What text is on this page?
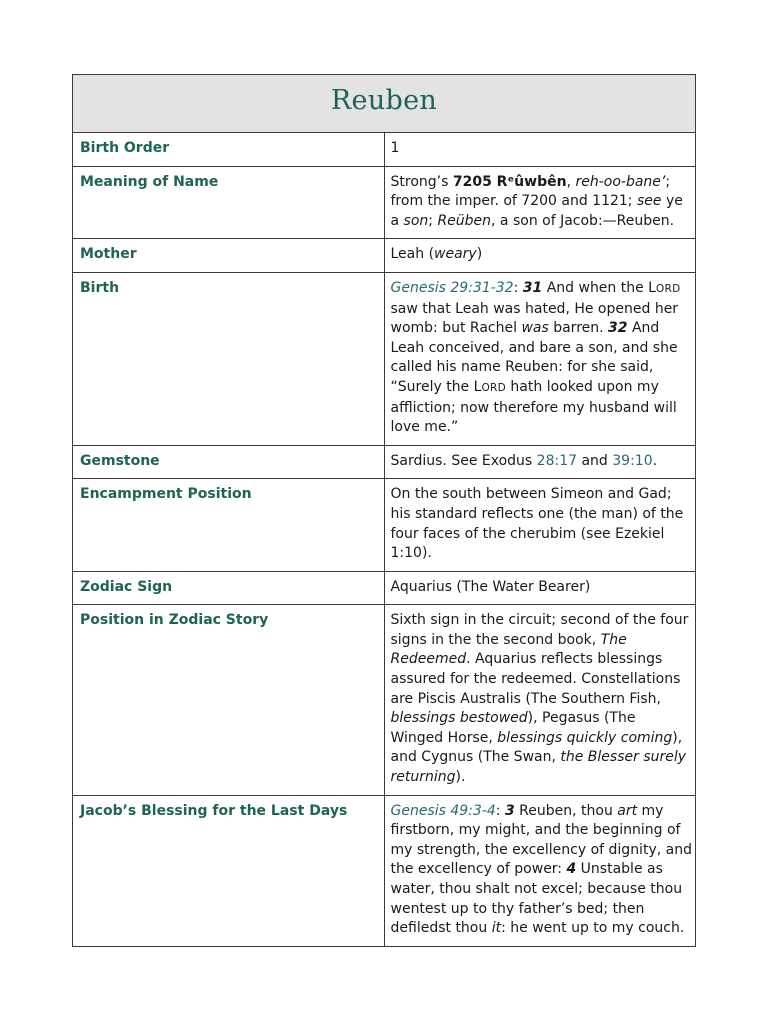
Reuben	
Birth Order	1
Meaning of Name	Strong’s 7205 Rᵉûwbên, reh-oo-bane’; from the imper. of 7200 and 1121; see ye a son; Reüben, a son of Jacob:—Reuben.
Mother	Leah (weary)
Birth	Genesis 29:31-32: 31 And when the LORD saw that Leah was hated, He opened her womb: but Rachel was barren. 32 And Leah conceived, and bare a son, and she called his name Reuben: for she said, “Surely the LORD hath looked upon my affliction; now therefore my husband will love me.”
Gemstone	Sardius. See Exodus 28:17 and 39:10.
Encampment Position	On the south between Simeon and Gad; his standard reflects one (the man) of the four faces of the cherubim (see Ezekiel 1:10).
Zodiac Sign	Aquarius (The Water Bearer)
Position in Zodiac Story	Sixth sign in the circuit; second of the four signs in the the second book, The Redeemed. Aquarius reflects blessings assured for the redeemed. Constellations are Piscis Australis (The Southern Fish, blessings bestowed), Pegasus (The Winged Horse, blessings quickly coming), and Cygnus (The Swan, the Blesser surely returning).
Jacob’s Blessing for the Last Days	Genesis 49:3-4: 3 Reuben, thou art my firstborn, my might, and the beginning of my strength, the excellency of dignity, and the excellency of power: 4 Unstable as water, thou shalt not excel; because thou wentest up to thy father’s bed; then defiledst thou it: he went up to my couch.
